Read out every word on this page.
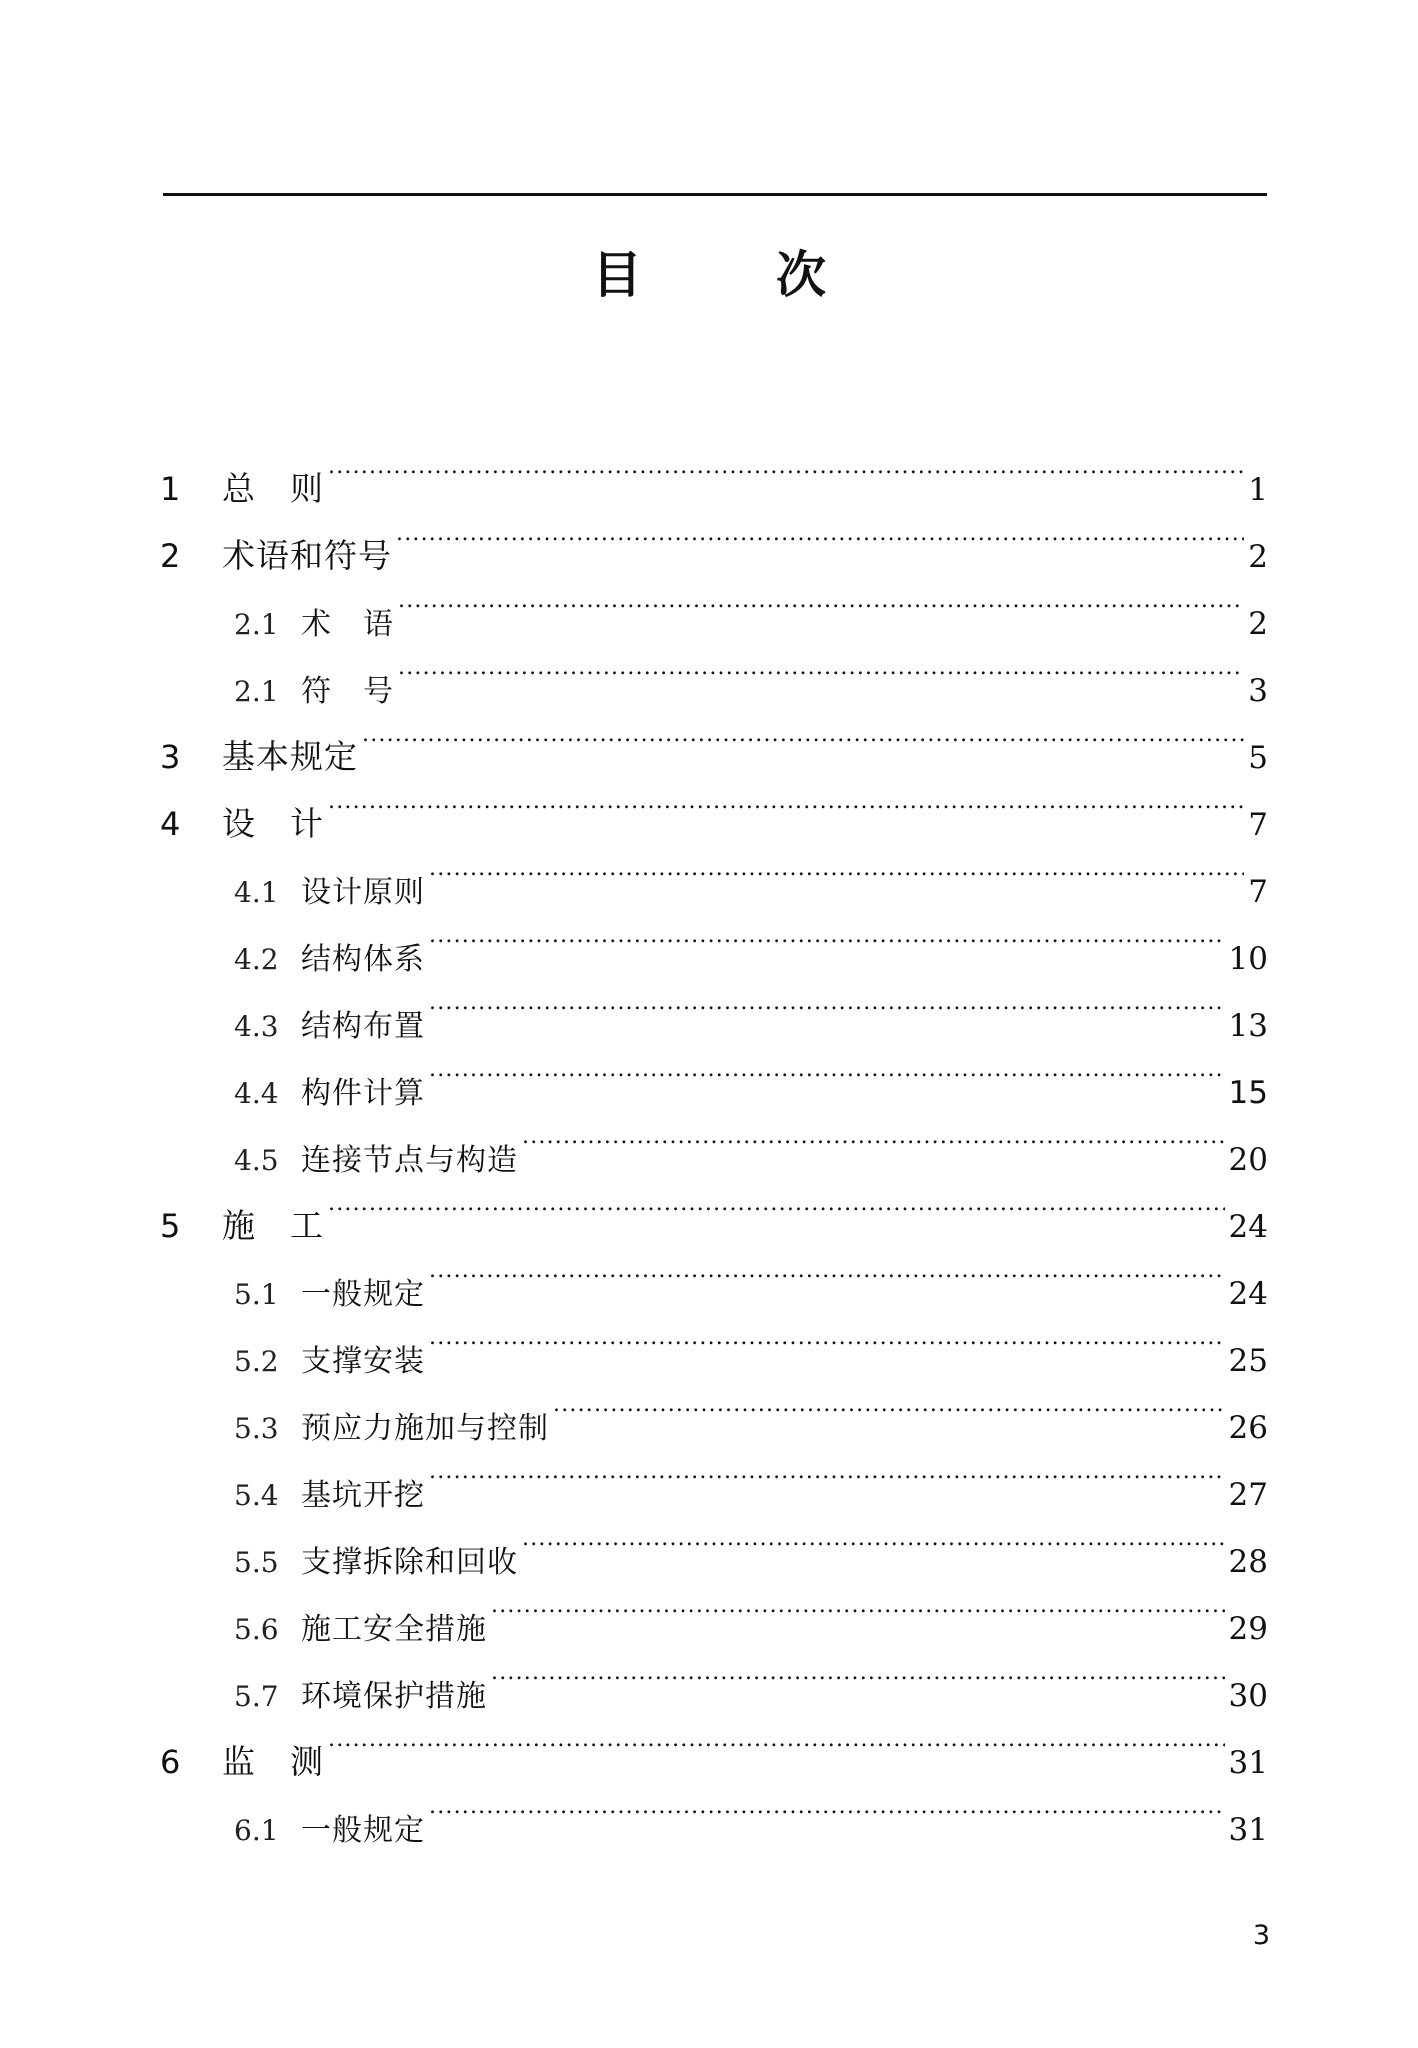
目　次
1	总　则 .....	1
2	术语和符号 .....	2
2.1 术　语 .....	2
2.1 符　号 .....	3
3	基本规定 .....	5
4	设　计 .....	7
4.1 设计原则 .....	7
4.2 结构体系 .....	10
4.3 结构布置 .....	13
4.4 构件计算 .....	15
4.5 连接节点与构造 .....	20
5	施　工 .....	24
5.1 一般规定 .....	24
5.2 支撑安装 .....	25
5.3 预应力施加与控制 .....	26
5.4 基坑开挖 .....	27
5.5 支撑拆除和回收 .....	28
5.6 施工安全措施 .....	29
5.7 环境保护措施 .....	30
6	监　测 .....	31
6.1 一般规定 .....	31
3
